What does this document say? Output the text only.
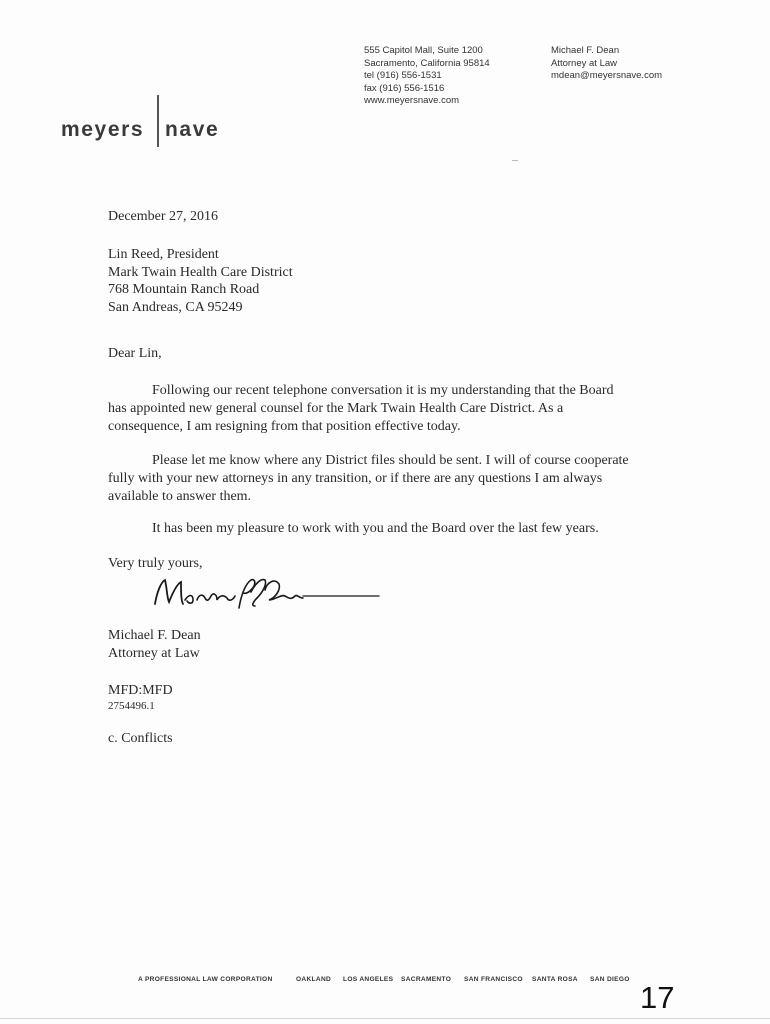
555 Capitol Mall, Suite 1200
Sacramento, California 95814
tel (916) 556-1531
fax (916) 556-1516
www.meyersnave.com
Michael F. Dean
Attorney at Law
mdean@meyersnave.com
meyers nave
December 27, 2016
Lin Reed, President
Mark Twain Health Care District
768 Mountain Ranch Road
San Andreas, CA 95249
Dear Lin,
Following our recent telephone conversation it is my understanding that the Board
has appointed new general counsel for the Mark Twain Health Care District. As a
consequence, I am resigning from that position effective today.
Please let me know where any District files should be sent. I will of course cooperate
fully with your new attorneys in any transition, or if there are any questions I am always
available to answer them.
It has been my pleasure to work with you and the Board over the last few years.
Very truly yours,
Michael F. Dean
Attorney at Law
MFD:MFD
2754496.1
c. Conflicts
A PROFESSIONAL LAW CORPORATION	OAKLAND LOS ANGELES SACRAMENTO SAN FRANCISCO SANTA ROSA SAN DIEGO
17
